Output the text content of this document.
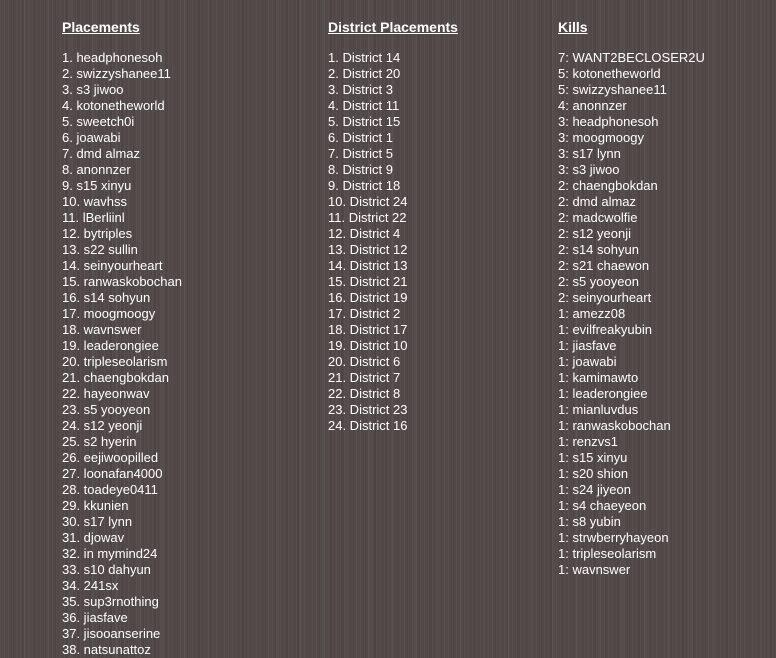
Placements
1. headphonesoh
2. swizzyshanee11
3. s3 jiwoo
4. kotonetheworld
5. sweetch0i
6. joawabi
7. dmd almaz
8. anonnzer
9. s15 xinyu
10. wavhss
11. lBerliinl
12. bytriples
13. s22 sullin
14. seinyourheart
15. ranwaskobochan
16. s14 sohyun
17. moogmoogy
18. wavnswer
19. leaderongiee
20. tripleseolarism
21. chaengbokdan
22. hayeonwav
23. s5 yooyeon
24. s12 yeonji
25. s2 hyerin
26. eejiwoopilled
27. loonafan4000
28. toadeye0411
29. kkunien
30. s17 lynn
31. djowav
32. in mymind24
33. s10 dahyun
34. 241sx
35. sup3rnothing
36. jiasfave
37. jisooanserine
38. natsunattoz
District Placements
1. District 14
2. District 20
3. District 3
4. District 11
5. District 15
6. District 1
7. District 5
8. District 9
9. District 18
10. District 24
11. District 22
12. District 4
13. District 12
14. District 13
15. District 21
16. District 19
17. District 2
18. District 17
19. District 10
20. District 6
21. District 7
22. District 8
23. District 23
24. District 16
Kills
7: WANT2BECLOSER2U
5: kotonetheworld
5: swizzyshanee11
4: anonnzer
3: headphonesoh
3: moogmoogy
3: s17 lynn
3: s3 jiwoo
2: chaengbokdan
2: dmd almaz
2: madcwolfie
2: s12 yeonji
2: s14 sohyun
2: s21 chaewon
2: s5 yooyeon
2: seinyourheart
1: amezz08
1: evilfreakyubin
1: jiasfave
1: joawabi
1: kamimawto
1: leaderongiee
1: mianluvdus
1: ranwaskobochan
1: renzvs1
1: s15 xinyu
1: s20 shion
1: s24 jiyeon
1: s4 chaeyeon
1: s8 yubin
1: strwberryhayeon
1: tripleseolarism
1: wavnswer
